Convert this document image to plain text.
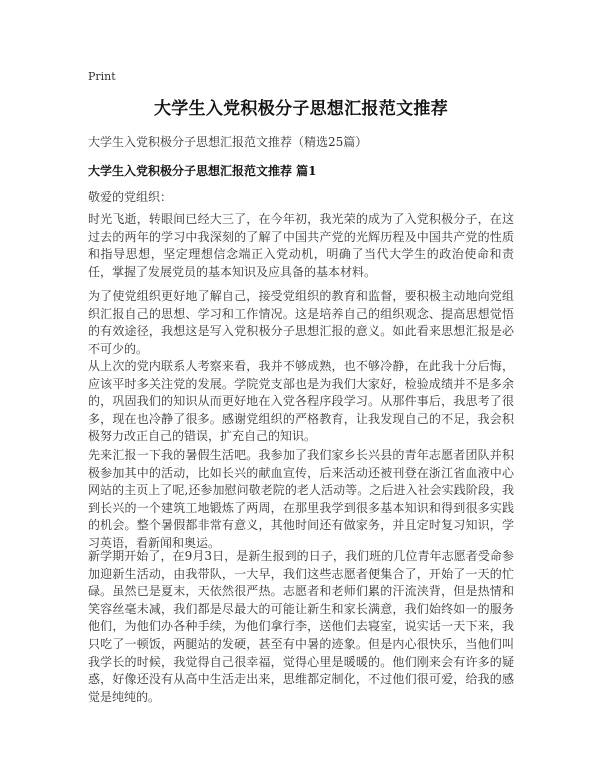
Print
大学生入党积极分子思想汇报范文推荐
大学生入党积极分子思想汇报范文推荐（精选25篇）
大学生入党积极分子思想汇报范文推荐 篇1
敬爱的党组织：
时光飞逝，转眼间已经大三了，在今年初，我光荣的成为了入党积极分子，在这过去的两年的学习中我深刻的了解了中国共产党的光辉历程及中国共产党的性质和指导思想，坚定理想信念端正入党动机，明确了当代大学生的政治使命和责任，掌握了发展党员的基本知识及应具备的基本材料。
为了使党组织更好地了解自己，接受党组织的教育和监督，要积极主动地向党组织汇报自己的思想、学习和工作情况。这是培养自己的组织观念、提高思想觉悟的有效途径，我想这是写入党积极分子思想汇报的意义。如此看来思想汇报是必不可少的。
从上次的党内联系人考察来看，我并不够成熟，也不够冷静，在此我十分后悔，应该平时多关注党的发展。学院党支部也是为我们大家好，检验成绩并不是多余的，巩固我们的知识从而更好地在入党各程序段学习。从那件事后，我思考了很多，现在也冷静了很多。感谢党组织的严格教育，让我发现自己的不足，我会积极努力改正自己的错误，扩充自己的知识。
先来汇报一下我的暑假生活吧。我参加了我们家乡长兴县的青年志愿者团队并积极参加其中的活动，比如长兴的献血宣传，后来活动还被刊登在浙江省血液中心网站的主页上了呢,还参加慰问敬老院的老人活动等。之后进入社会实践阶段，我到长兴的一个建筑工地锻炼了两周，在那里我学到很多基本知识和得到很多实践的机会。整个暑假都非常有意义，其他时间还有做家务，并且定时复习知识，学习英语，看新闻和奥运。
新学期开始了，在9月3日，是新生报到的日子，我们班的几位青年志愿者受命参加迎新生活动，由我带队，一大早，我们这些志愿者便集合了，开始了一天的忙碌。虽然已是夏末，天依然很严热。志愿者和老师们累的汗流浃背，但是热情和笑容丝毫未减，我们都是尽最大的可能让新生和家长满意，我们始终如一的服务他们，为他们办各种手续，为他们拿行李，送他们去寝室，说实话一天下来，我只吃了一顿饭，两腿站的发硬，甚至有中暑的迹象。但是内心很快乐，当他们叫我学长的时候，我觉得自己很幸福，觉得心里是暖暖的。他们刚来会有许多的疑惑，好像还没有从高中生活走出来，思维都定制化，不过他们很可爱，给我的感觉是纯纯的。
